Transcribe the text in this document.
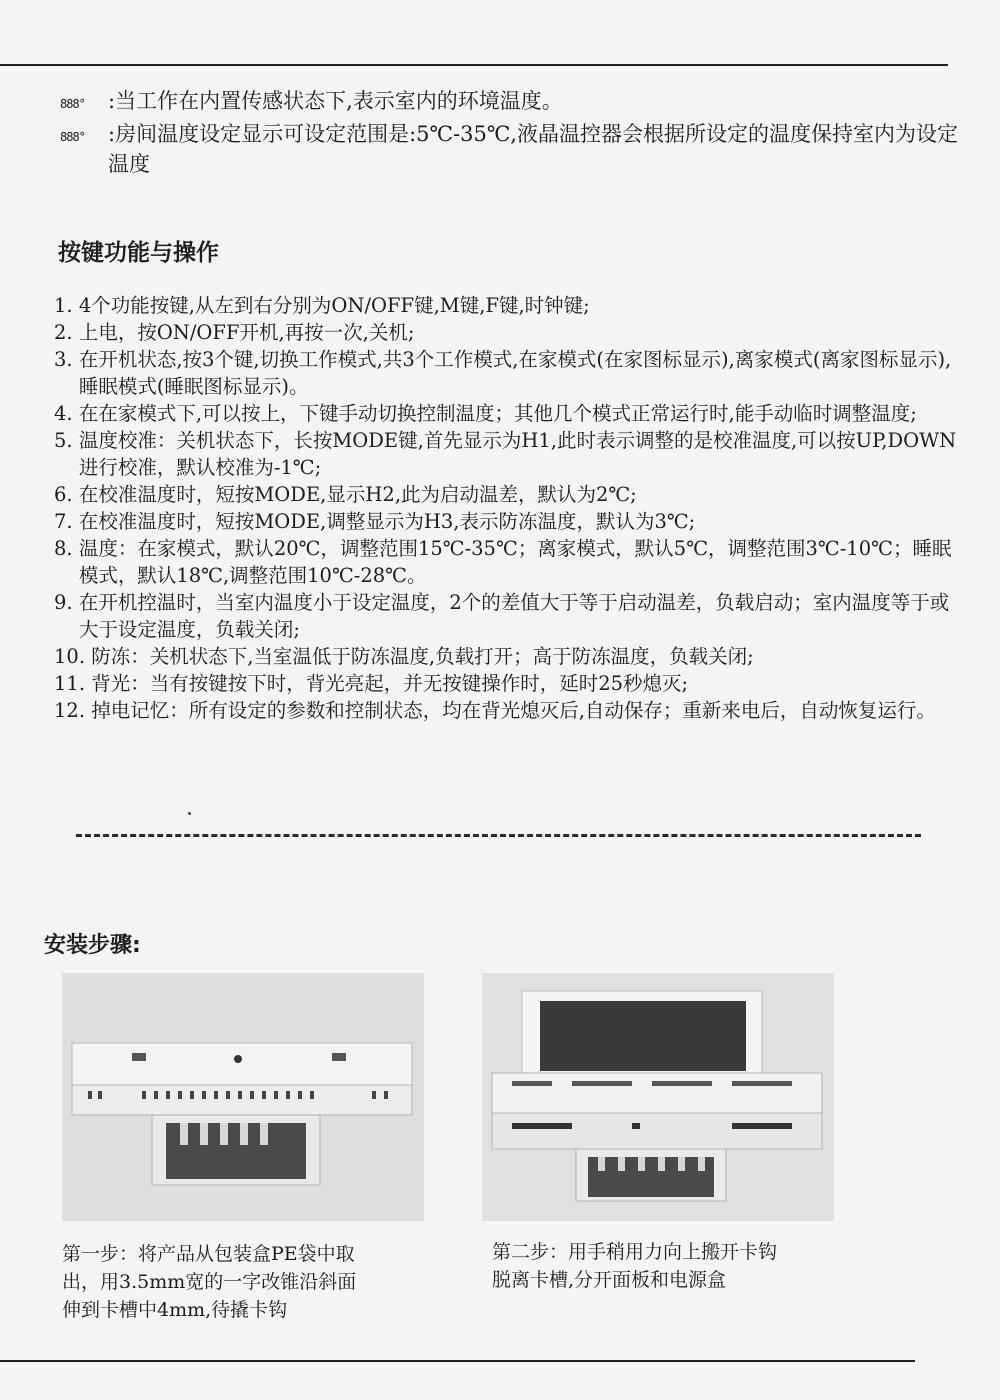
888°	:当工作在内置传感状态下,表示室内的环境温度。
888°	:房间温度设定显示可设定范围是:5℃-35℃,液晶温控器会根据所设定的温度保持室内为设定温度
按键功能与操作
1. 4个功能按键,从左到右分别为ON/OFF键,M键,F键,时钟键;
2. 上电，按ON/OFF开机,再按一次,关机;
3. 在开机状态,按3个键,切换工作模式,共3个工作模式,在家模式(在家图标显示),离家模式(离家图标显示),睡眠模式(睡眠图标显示)。
4. 在在家模式下,可以按上，下键手动切换控制温度；其他几个模式正常运行时,能手动临时调整温度;
5. 温度校准：关机状态下，长按MODE键,首先显示为H1,此时表示调整的是校准温度,可以按UP,DOWN进行校准，默认校准为-1℃;
6. 在校准温度时，短按MODE,显示H2,此为启动温差，默认为2℃;
7. 在校准温度时，短按MODE,调整显示为H3,表示防冻温度，默认为3℃;
8. 温度：在家模式，默认20℃，调整范围15℃-35℃；离家模式，默认5℃，调整范围3℃-10℃；睡眠模式，默认18℃,调整范围10℃-28℃。
9. 在开机控温时，当室内温度小于设定温度，2个的差值大于等于启动温差，负载启动；室内温度等于或大于设定温度，负载关闭;
10. 防冻：关机状态下,当室温低于防冻温度,负载打开；高于防冻温度，负载关闭;
11. 背光：当有按键按下时，背光亮起，并无按键操作时，延时25秒熄灭;
12. 掉电记忆：所有设定的参数和控制状态，均在背光熄灭后,自动保存；重新来电后，自动恢复运行。
安装步骤:
第一步：将产品从包装盒PE袋中取出，用3.5mm宽的一字改锥沿斜面伸到卡槽中4mm,待撬卡钩
第二步：用手稍用力向上搬开卡钩脱离卡槽,分开面板和电源盒
